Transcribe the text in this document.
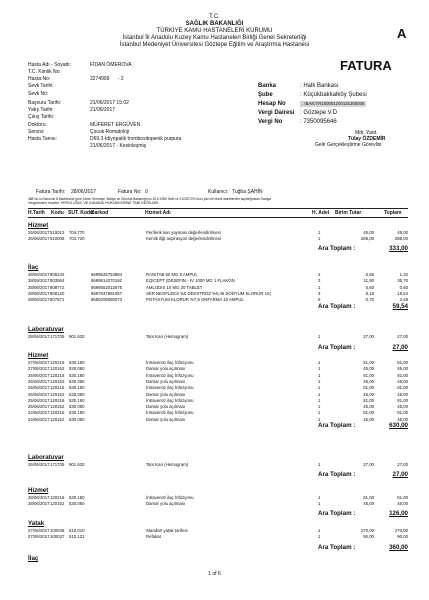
T.C.
SAĞLIK BAKANLIĞI
TÜRKİYE KAMU HASTANELERİ KURUMU
İstanbul İli Anadolu Kuzey Kamu Hastaneleri Birliği Genel Sekreterliği
İstanbul Medeniyet Üniversitesi Göztepe Eğitim ve Araştırma Hastanesi
A
FATURA
Hasta Adı - Soyadı:	FİDAN ÖMEROVA
T.C. Kimlik No:
Hasta No:	3274999      - 2
Sevk Tarihi:
Sevk No:
Başvuru Tarihi:	21/06/2017 15:02
Yatış Tarihi:	21/06/2017
Çıkış Tarihi:
Doktoru:	MÜFERET ERGÜVEN
Servisi:	Çocuk Romatoloji
Hasta Tanısı:	D69.3-İdiyopatik trombositopenik purpura
21/06/2017 - Kesinleşmiş
Banka	: Halk Bankası
Şube	: Küçükbakkalköy Şubesi
Hesap No	: IBAN:TR150001200131300005
Vergi Dairesi : Göztepe V.D
Vergi No	: 7350095646
Mdr. Yard.
Tülay ÖZDEMİR
Gelir Gerçekleştirme Görevlisi
Fatura Tarihi: 28/06/2017	Fatura No: 0	Kullanıcı: Tuğba ŞAHİN
488 No.lu Kanunun 8.Maddesine göre Döner Sermaye, Maliye ve Gümrük Bakanlığı'nın 25.5.1985 Tarih ve 210/20720 No.lu yazı ile resmi daireilerden sayıldığından Damga
Vergisinden muaftır. VERGİ USUL VE KANUNU HÜKÜMLERİNE TABİ DEĞİLDİR.
H.Tarih Kodu SUT. Kodu
Barkod	Hizmet Adı	H. Adet Birim Tutar	Toplam
Hizmet
26/06/2017 510013 704.770	Periferik kan yayması değerlendirilmesi	1	45,00	45,00
26/06/2017 510008 704.720	Kemik iliği aspirasyon değerlendirilmesi	1	288,00	288,00
Ara Toplam :	333,00
İlaç
28/06/2017 808132	8699525753984	RANITAB 50 MG 5 AMPUL	2	0,66	1,32
28/06/2017 803564	8699814270192	EQICEPT (DESEFIN - IV 1000 MG 1 FLAKON	3	11,90	35,70
28/06/2017 808772	8699552012875	AMLODIS 10 MG 20 TABLET	1	0,50	0,50
28/06/2017 808120	8697637891057	SER NEOFLEKS %5 DEKSTROZ %0,45 SODYUM KLORÜR 10(	3	6,18	18,54
28/06/2017 807671	8680206090073	POTASYUM KLORUR %7,5 ONFARMA 10 AMPUL	5	0,70	3,48
Ara Toplam :	59,54
Laboratuvar
28/06/2017 171705 901.620	Tam Kan (Hemogram)	1	27,00	27,00
Ara Toplam :	27,00
Hizmet
27/06/2017 120216 530.160	İntravenöz ilaç İnfüzyonu	1	81,00	81,00
27/06/2017 120152 530.060	Damar yolu açılması	1	45,00	45,00
26/06/2017 120216 530.160	İntravenöz ilaç İnfüzyonu	1	81,00	81,00
26/06/2017 120152 530.060	Damar yolu açılması	1	45,00	45,00
26/06/2017 120216 530.160	İntravenöz ilaç İnfüzyonu	1	81,00	81,00
25/06/2017 120152 530.060	Damar yolu açılması	1	45,00	45,00
25/06/2017 120216 530.160	İntravenöz ilaç İnfüzyonu	1	81,00	81,00
25/06/2017 120152 530.060	Damar yolu açılması	1	45,00	45,00
24/06/2017 120216 530.160	İntravenöz ilaç İnfüzyonu	1	81,00	81,00
24/06/2017 120152 530.060	Damar yolu açılması	1	45,00	45,00
Ara Toplam :	630,00
Laboratuvar
26/06/2017 171705 901.620	Tam Kan (Hemogram)	1	27,00	27,00
Ara Toplam :	27,00
Hizmet
28/06/2017 120216 530.160	İntravenöz ilaç İnfüzyonu	1	81,00	81,00
28/06/2017 120152 530.060	Damar yolu açılması	1	45,00	45,00
Ara Toplam :	126,00
Yatak
27/06/2017 100038 510.010	Standart yatak tarifesi	1	270,00	270,00
27/06/2017 100037 510.121	Refakat	1	90,00	90,00
Ara Toplam :	360,00
İlaç
1 of 6
